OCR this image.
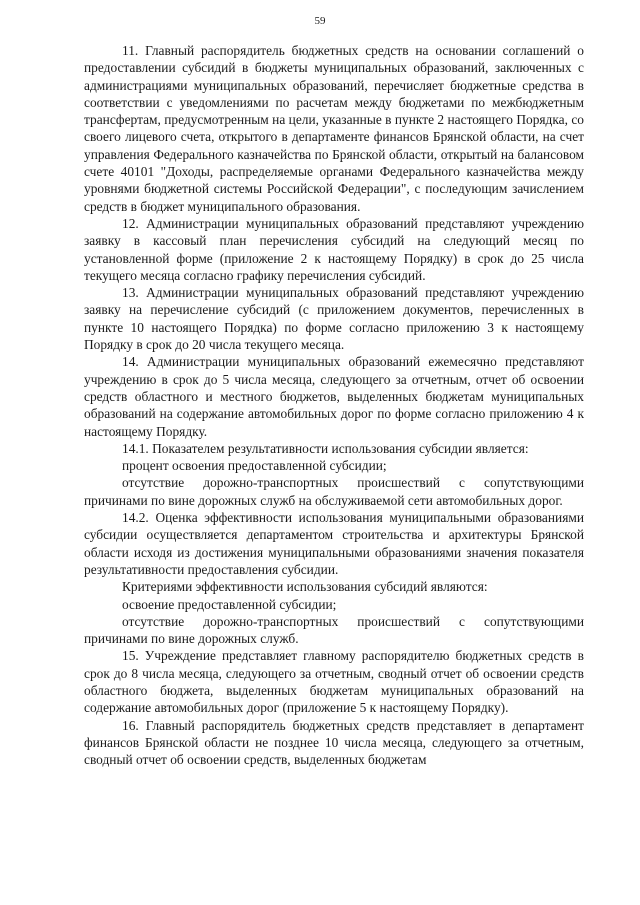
59

11. Главный распорядитель бюджетных средств на основании соглашений о предоставлении субсидий в бюджеты муниципальных образований, заключенных с администрациями муниципальных образований, перечисляет бюджетные средства в соответствии с уведомлениями по расчетам между бюджетами по межбюджетным трансфертам, предусмотренным на цели, указанные в пункте 2 настоящего Порядка, со своего лицевого счета, открытого в департаменте финансов Брянской области, на счет управления Федерального казначейства по Брянской области, открытый на балансовом счете 40101 "Доходы, распределяемые органами Федерального казначейства между уровнями бюджетной системы Российской Федерации", с последующим зачислением средств в бюджет муниципального образования.

12. Администрации муниципальных образований представляют учреждению заявку в кассовый план перечисления субсидий на следующий месяц по установленной форме (приложение 2 к настоящему Порядку) в срок до 25 числа текущего месяца согласно графику перечисления субсидий.

13. Администрации муниципальных образований представляют учреждению заявку на перечисление субсидий (с приложением документов, перечисленных в пункте 10 настоящего Порядка) по форме согласно приложению 3 к настоящему Порядку в срок до 20 числа текущего месяца.

14. Администрации муниципальных образований ежемесячно представляют учреждению в срок до 5 числа месяца, следующего за отчетным, отчет об освоении средств областного и местного бюджетов, выделенных бюджетам муниципальных образований на содержание автомобильных дорог по форме согласно приложению 4 к настоящему Порядку.

14.1. Показателем результативности использования субсидии является:

процент освоения предоставленной субсидии;

отсутствие дорожно-транспортных происшествий с сопутствующими причинами по вине дорожных служб на обслуживаемой сети автомобильных дорог.

14.2. Оценка эффективности использования муниципальными образованиями субсидии осуществляется департаментом строительства и архитектуры Брянской области исходя из достижения муниципальными образованиями значения показателя результативности предоставления субсидии.

Критериями эффективности использования субсидий являются:

освоение предоставленной субсидии;

отсутствие дорожно-транспортных происшествий с сопутствующими причинами по вине дорожных служб.

15. Учреждение представляет главному распорядителю бюджетных средств в срок до 8 числа месяца, следующего за отчетным, сводный отчет об освоении средств областного бюджета, выделенных бюджетам муниципальных образований на содержание автомобильных дорог (приложение 5 к настоящему Порядку).

16. Главный распорядитель бюджетных средств представляет в департамент финансов Брянской области не позднее 10 числа месяца, следующего за отчетным, сводный отчет об освоении средств, выделенных бюджетам
